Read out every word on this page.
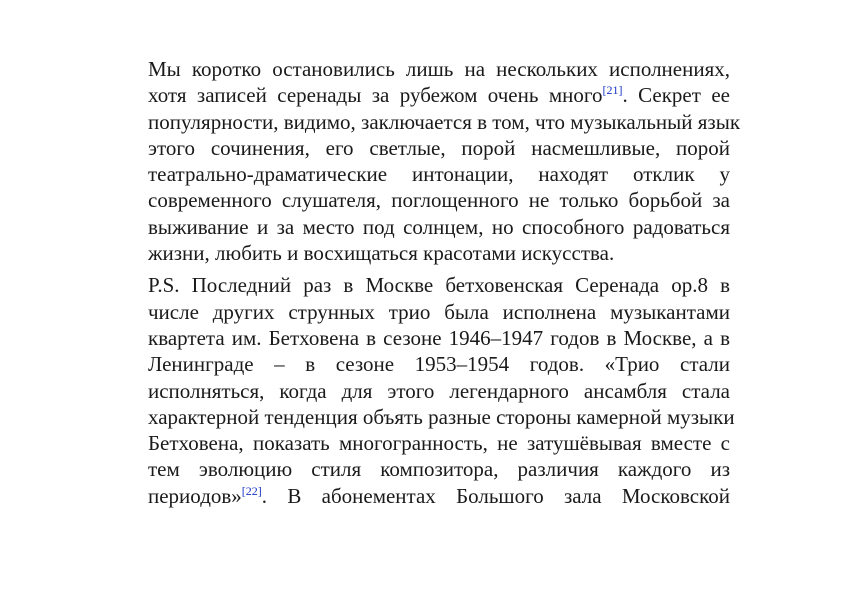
Мы коротко остановились лишь на нескольких исполнениях,
хотя записей серенады за рубежом очень много[21]. Секрет ее
популярности, видимо, заключается в том, что музыкальный язык
этого сочинения, его светлые, порой насмешливые, порой
театрально-драматические интонации, находят отклик у
современного слушателя, поглощенного не только борьбой за
выживание и за место под солнцем, но способного радоваться
жизни, любить и восхищаться красотами искусства.
P.S. Последний раз в Москве бетховенская Серенада op.8 в
числе других струнных трио была исполнена музыкантами
квартета им. Бетховена в сезоне 1946–1947 годов в Москве, а в
Ленинграде – в сезоне 1953–1954 годов. «Трио стали
исполняться, когда для этого легендарного ансамбля стала
характерной тенденция объять разные стороны камерной музыки
Бетховена, показать многогранность, не затушёвывая вместе с
тем эволюцию стиля композитора, различия каждого из
периодов»[22]. В абонементах Большого зала Московской
